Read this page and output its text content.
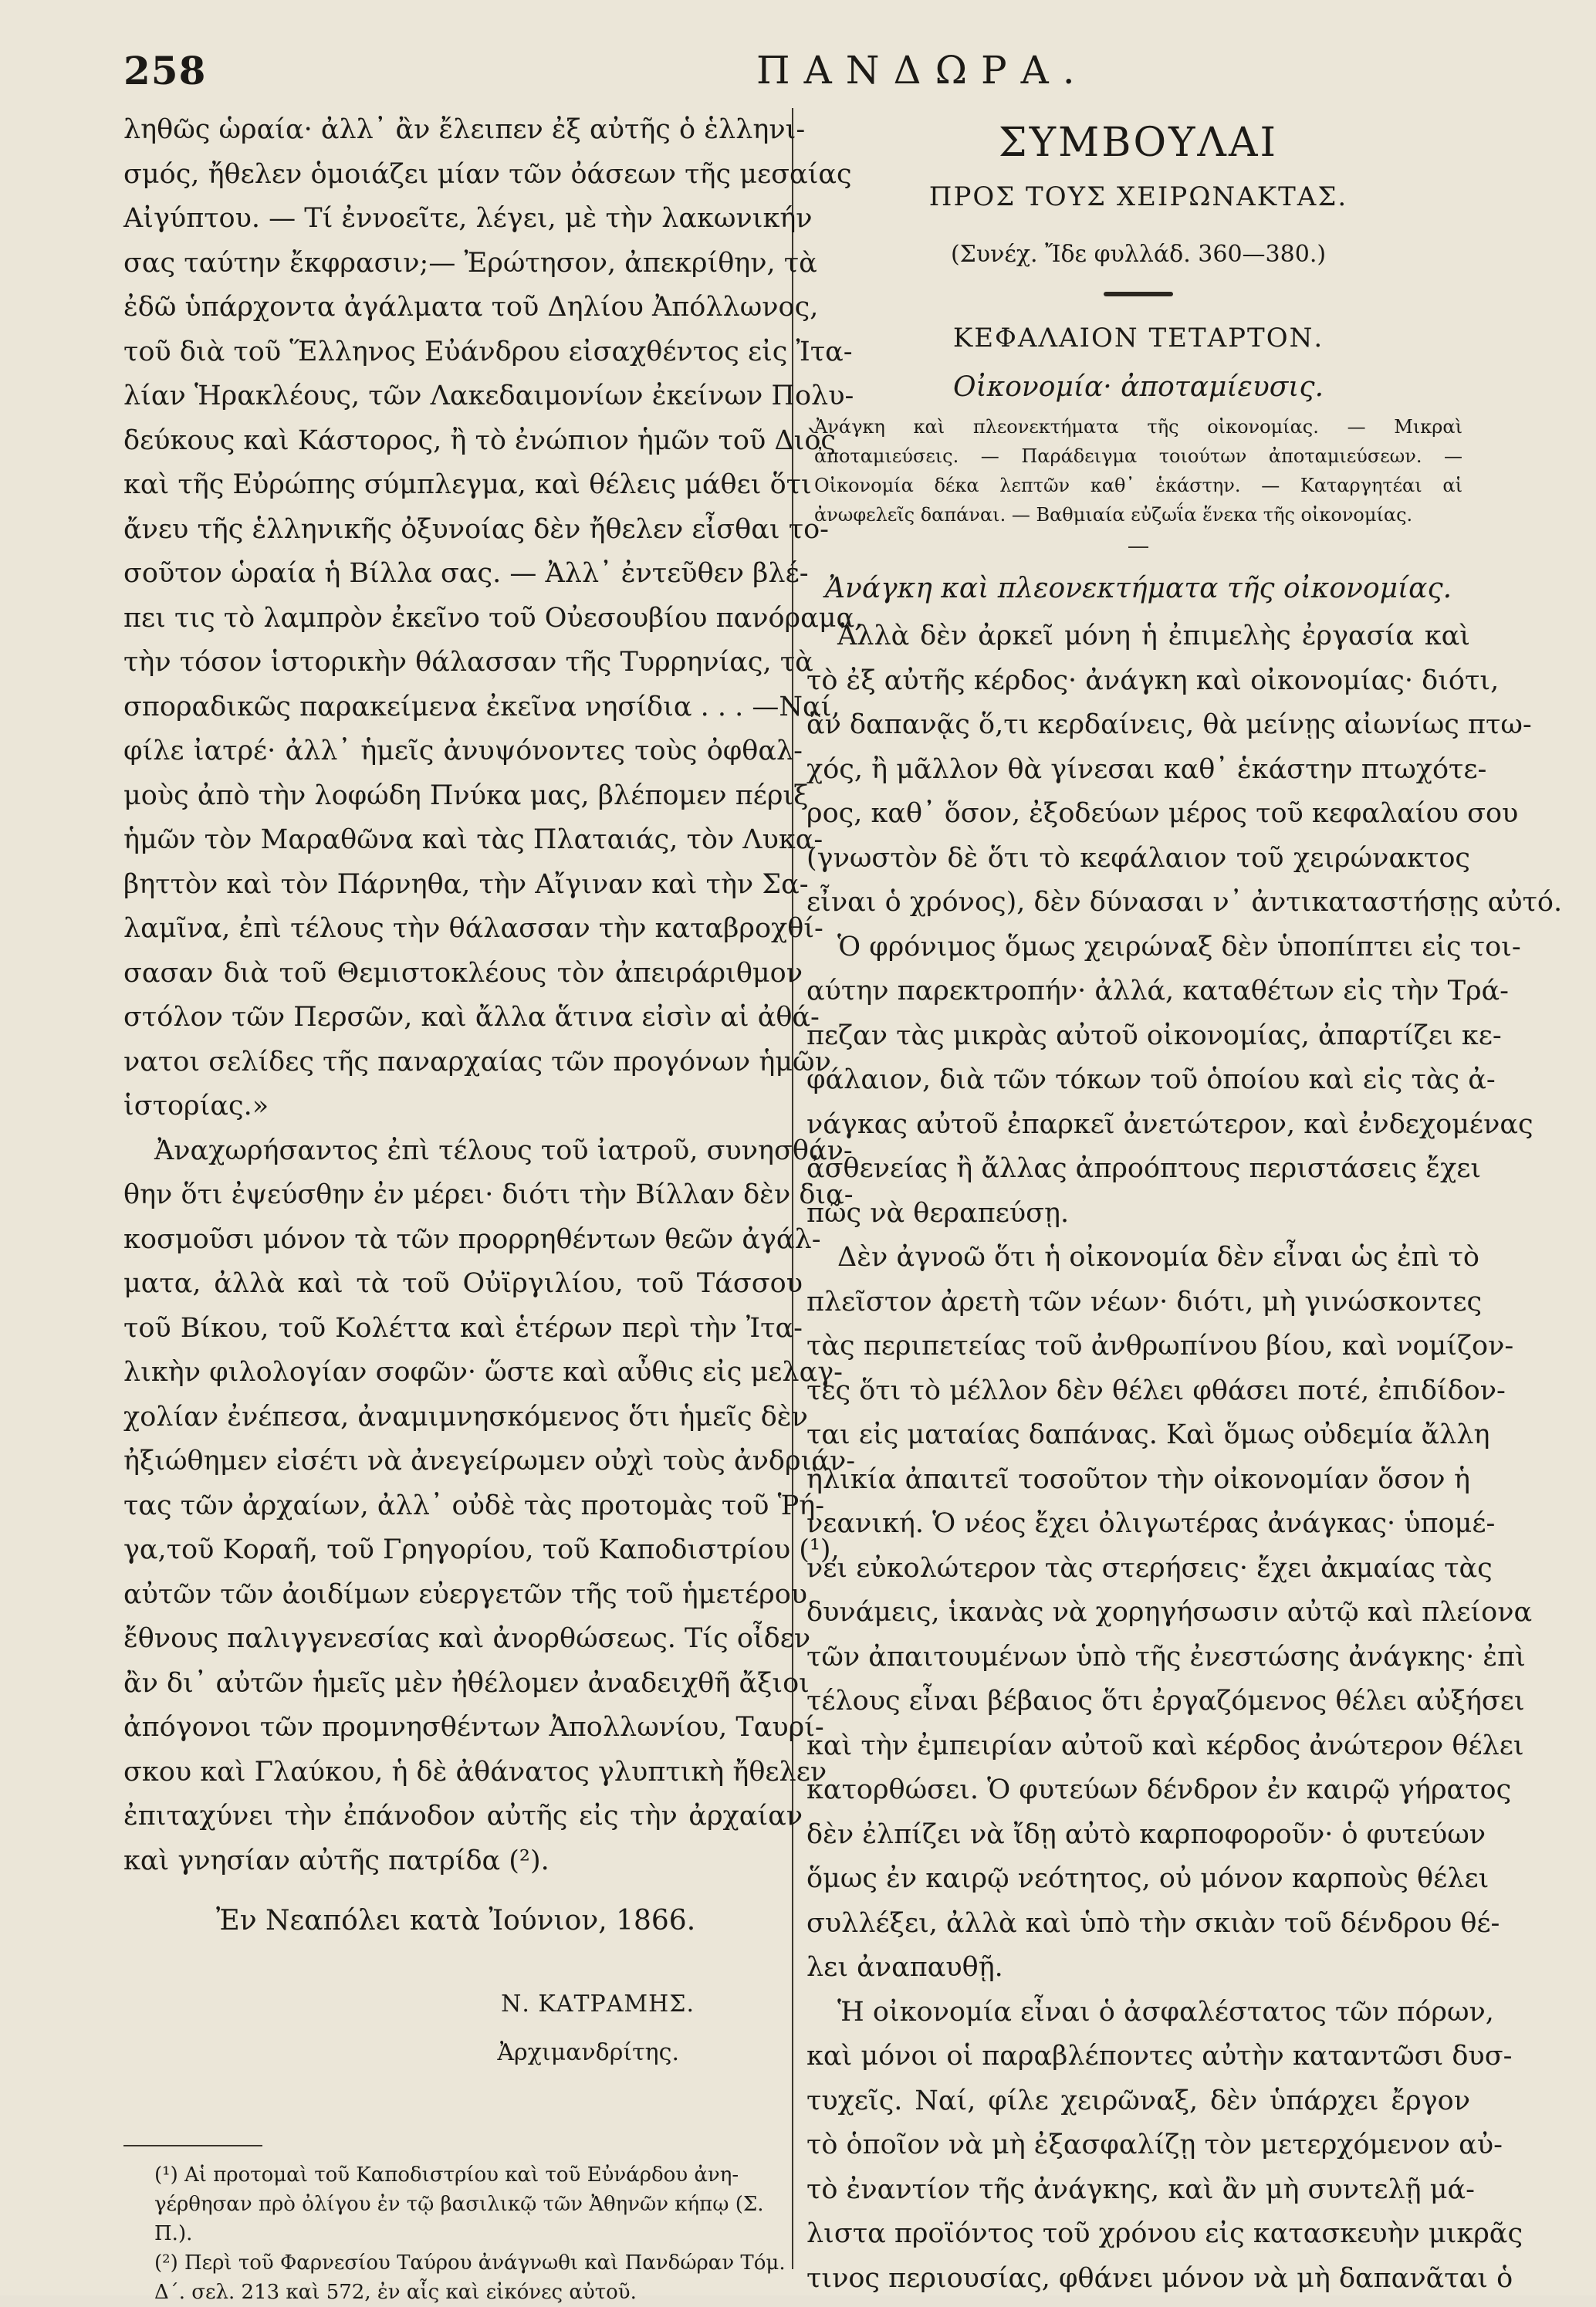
258	ΠΑΝΔΩΡΑ.
ληθῶς ὡραία· ἀλλ᾽ ἂν ἔλειπεν ἐξ αὐτῆς ὁ ἑλληνι-
σμός, ἤθελεν ὁμοιάζει μίαν τῶν ὀάσεων τῆς μεσαίας
Αἰγύπτου. — Τί ἐννοεῖτε, λέγει, μὲ τὴν λακωνικήν
σας ταύτην ἔκφρασιν;— Ἐρώτησον, ἀπεκρίθην, τὰ
ἐδῶ ὑπάρχοντα ἀγάλματα τοῦ Δηλίου Ἀπόλλωνος,
τοῦ διὰ τοῦ Ἕλληνος Εὐάνδρου εἰσαχθέντος εἰς Ἰτα-
λίαν Ἡρακλέους, τῶν Λακεδαιμονίων ἐκείνων Πολυ-
δεύκους καὶ Κάστορος, ἢ τὸ ἐνώπιον ἡμῶν τοῦ Διὸς
καὶ τῆς Εὐρώπης σύμπλεγμα, καὶ θέλεις μάθει ὅτι
ἄνευ τῆς ἑλληνικῆς ὀξυνοίας δὲν ἤθελεν εἶσθαι το-
σοῦτον ὡραία ἡ Βίλλα σας. — Ἀλλ᾽ ἐντεῦθεν βλέ-
πει τις τὸ λαμπρὸν ἐκεῖνο τοῦ Οὐεσουβίου πανόραμα,
τὴν τόσον ἱστορικὴν θάλασσαν τῆς Τυρρηνίας, τὰ
σποραδικῶς παρακείμενα ἐκεῖνα νησίδια . . . —Ναί,
φίλε ἰατρέ· ἀλλ᾽ ἡμεῖς ἀνυψόνοντες τοὺς ὀφθαλ-
μοὺς ἀπὸ τὴν λοφώδη Πνύκα μας, βλέπομεν πέριξ
ἡμῶν τὸν Μαραθῶνα καὶ τὰς Πλαταιάς, τὸν Λυκα-
βηττὸν καὶ τὸν Πάρνηθα, τὴν Αἴγιναν καὶ τὴν Σα-
λαμῖνα, ἐπὶ τέλους τὴν θάλασσαν τὴν καταβροχθί-
σασαν διὰ τοῦ Θεμιστοκλέους τὸν ἀπειράριθμον
στόλον τῶν Περσῶν, καὶ ἄλλα ἅτινα εἰσὶν αἱ ἀθά-
νατοι σελίδες τῆς παναρχαίας τῶν προγόνων ἡμῶν
ἱστορίας.»
Ἀναχωρήσαντος ἐπὶ τέλους τοῦ ἰατροῦ, συνησθάν-
θην ὅτι ἐψεύσθην ἐν μέρει· διότι τὴν Βίλλαν δὲν δια-
κοσμοῦσι μόνον τὰ τῶν προρρηθέντων θεῶν ἀγάλ-
ματα, ἀλλὰ καὶ τὰ τοῦ Οὐϊργιλίου, τοῦ Τάσσου
τοῦ Βίκου, τοῦ Κολέττα καὶ ἑτέρων περὶ τὴν Ἰτα-
λικὴν φιλολογίαν σοφῶν· ὥστε καὶ αὖθις εἰς μελαγ-
χολίαν ἐνέπεσα, ἀναμιμνησκόμενος ὅτι ἡμεῖς δὲν
ἠξιώθημεν εἰσέτι νὰ ἀνεγείρωμεν οὐχὶ τοὺς ἀνδριάν-
τας τῶν ἀρχαίων, ἀλλ᾽ οὐδὲ τὰς προτομὰς τοῦ Ῥή-
γα,τοῦ Κοραῆ, τοῦ Γρηγορίου, τοῦ Καποδιστρίου (¹),
αὐτῶν τῶν ἀοιδίμων εὐεργετῶν τῆς τοῦ ἡμετέρου
ἔθνους παλιγγενεσίας καὶ ἀνορθώσεως. Τίς οἶδεν
ἂν δι᾽ αὐτῶν ἡμεῖς μὲν ἠθέλομεν ἀναδειχθῆ ἄξιοι
ἀπόγονοι τῶν προμνησθέντων Ἀπολλωνίου, Ταυρί-
σκου καὶ Γλαύκου, ἡ δὲ ἀθάνατος γλυπτικὴ ἤθελεν
ἐπιταχύνει τὴν ἐπάνοδον αὐτῆς εἰς τὴν ἀρχαίαν
καὶ γνησίαν αὐτῆς πατρίδα (²).
Ἐν Νεαπόλει κατὰ Ἰούνιον, 1866.
Ν. ΚΑΤΡΑΜΗΣ.
Ἀρχιμανδρίτης.
(¹) Αἱ προτομαὶ τοῦ Καποδιστρίου καὶ τοῦ Εὐνάρδου ἀνη-
γέρθησαν πρὸ ὀλίγου ἐν τῷ βασιλικῷ τῶν Ἀθηνῶν κήπῳ (Σ. Π.).
(²) Περὶ τοῦ Φαρνεσίου Ταύρου ἀνάγνωθι καὶ Πανδώραν Τόμ.
Δ΄. σελ. 213 καὶ 572, ἐν αἷς καὶ εἰκόνες αὐτοῦ.
ΣΥΜΒΟΥΛΑΙ
ΠΡΟΣ ΤΟΥΣ ΧΕΙΡΩΝΑΚΤΑΣ.
(Συνέχ. Ἴδε φυλλάδ. 360—380.)
ΚΕΦΑΛΑΙΟΝ ΤΕΤΑΡΤΟΝ.
Οἰκονομία· ἀποταμίευσις.
Ἀνάγκη καὶ πλεονεκτήματα τῆς οἰκονομίας. — Μικραὶ ἀποταμιεύσεις. — Παράδειγμα τοιούτων ἀποταμιεύσεων. — Οἰκονομία δέκα λεπτῶν καθ᾽ ἑκάστην. — Καταργητέαι αἱ ἀνωφελεῖς δαπάναι. — Βαθμιαία εὐζωΐα ἕνεκα τῆς οἰκονομίας.
Ἀνάγκη καὶ πλεονεκτήματα τῆς οἰκονομίας.
Ἀλλὰ δὲν ἀρκεῖ μόνη ἡ ἐπιμελὴς ἐργασία καὶ
τὸ ἐξ αὐτῆς κέρδος· ἀνάγκη καὶ οἰκονομίας· διότι,
ἂν δαπανᾷς ὅ,τι κερδαίνεις, θὰ μείνῃς αἰωνίως πτω-
χός, ἢ μᾶλλον θὰ γίνεσαι καθ᾽ ἑκάστην πτωχότε-
ρος, καθ᾽ ὅσον, ἐξοδεύων μέρος τοῦ κεφαλαίου σου
(γνωστὸν δὲ ὅτι τὸ κεφάλαιον τοῦ χειρώνακτος
εἶναι ὁ χρόνος), δὲν δύνασαι ν᾽ ἀντικαταστήσῃς αὐτό.
Ὁ φρόνιμος ὅμως χειρώναξ δὲν ὑποπίπτει εἰς τοι-
αύτην παρεκτροπήν· ἀλλά, καταθέτων εἰς τὴν Τρά-
πεζαν τὰς μικρὰς αὐτοῦ οἰκονομίας, ἀπαρτίζει κε-
φάλαιον, διὰ τῶν τόκων τοῦ ὁποίου καὶ εἰς τὰς ἀ-
νάγκας αὐτοῦ ἐπαρκεῖ ἀνετώτερον, καὶ ἐνδεχομένας
ἀσθενείας ἢ ἄλλας ἀπροόπτους περιστάσεις ἔχει
πῶς νὰ θεραπεύσῃ.
Δὲν ἀγνοῶ ὅτι ἡ οἰκονομία δὲν εἶναι ὡς ἐπὶ τὸ
πλεῖστον ἀρετὴ τῶν νέων· διότι, μὴ γινώσκοντες
τὰς περιπετείας τοῦ ἀνθρωπίνου βίου, καὶ νομίζον-
τες ὅτι τὸ μέλλον δὲν θέλει φθάσει ποτέ, ἐπιδίδον-
ται εἰς ματαίας δαπάνας. Καὶ ὅμως οὐδεμία ἄλλη
ἡλικία ἀπαιτεῖ τοσοῦτον τὴν οἰκονομίαν ὅσον ἡ
νεανική. Ὁ νέος ἔχει ὀλιγωτέρας ἀνάγκας· ὑπομέ-
νει εὐκολώτερον τὰς στερήσεις· ἔχει ἀκμαίας τὰς
δυνάμεις, ἱκανὰς νὰ χορηγήσωσιν αὐτῷ καὶ πλείονα
τῶν ἀπαιτουμένων ὑπὸ τῆς ἐνεστώσης ἀνάγκης· ἐπὶ
τέλους εἶναι βέβαιος ὅτι ἐργαζόμενος θέλει αὐξήσει
καὶ τὴν ἐμπειρίαν αὐτοῦ καὶ κέρδος ἀνώτερον θέλει
κατορθώσει. Ὁ φυτεύων δένδρον ἐν καιρῷ γήρατος
δὲν ἐλπίζει νὰ ἴδῃ αὐτὸ καρποφοροῦν· ὁ φυτεύων
ὅμως ἐν καιρῷ νεότητος, οὐ μόνον καρποὺς θέλει
συλλέξει, ἀλλὰ καὶ ὑπὸ τὴν σκιὰν τοῦ δένδρου θέ-
λει ἀναπαυθῇ.
Ἡ οἰκονομία εἶναι ὁ ἀσφαλέστατος τῶν πόρων,
καὶ μόνοι οἱ παραβλέποντες αὐτὴν καταντῶσι δυσ-
τυχεῖς. Ναί, φίλε χειρῶναξ, δὲν ὑπάρχει ἔργον
τὸ ὁποῖον νὰ μὴ ἐξασφαλίζῃ τὸν μετερχόμενον αὐ-
τὸ ἐναντίον τῆς ἀνάγκης, καὶ ἂν μὴ συντελῇ μά-
λιστα προϊόντος τοῦ χρόνου εἰς κατασκευὴν μικρᾶς
τινος περιουσίας, φθάνει μόνον νὰ μὴ δαπανᾶται ὁ
